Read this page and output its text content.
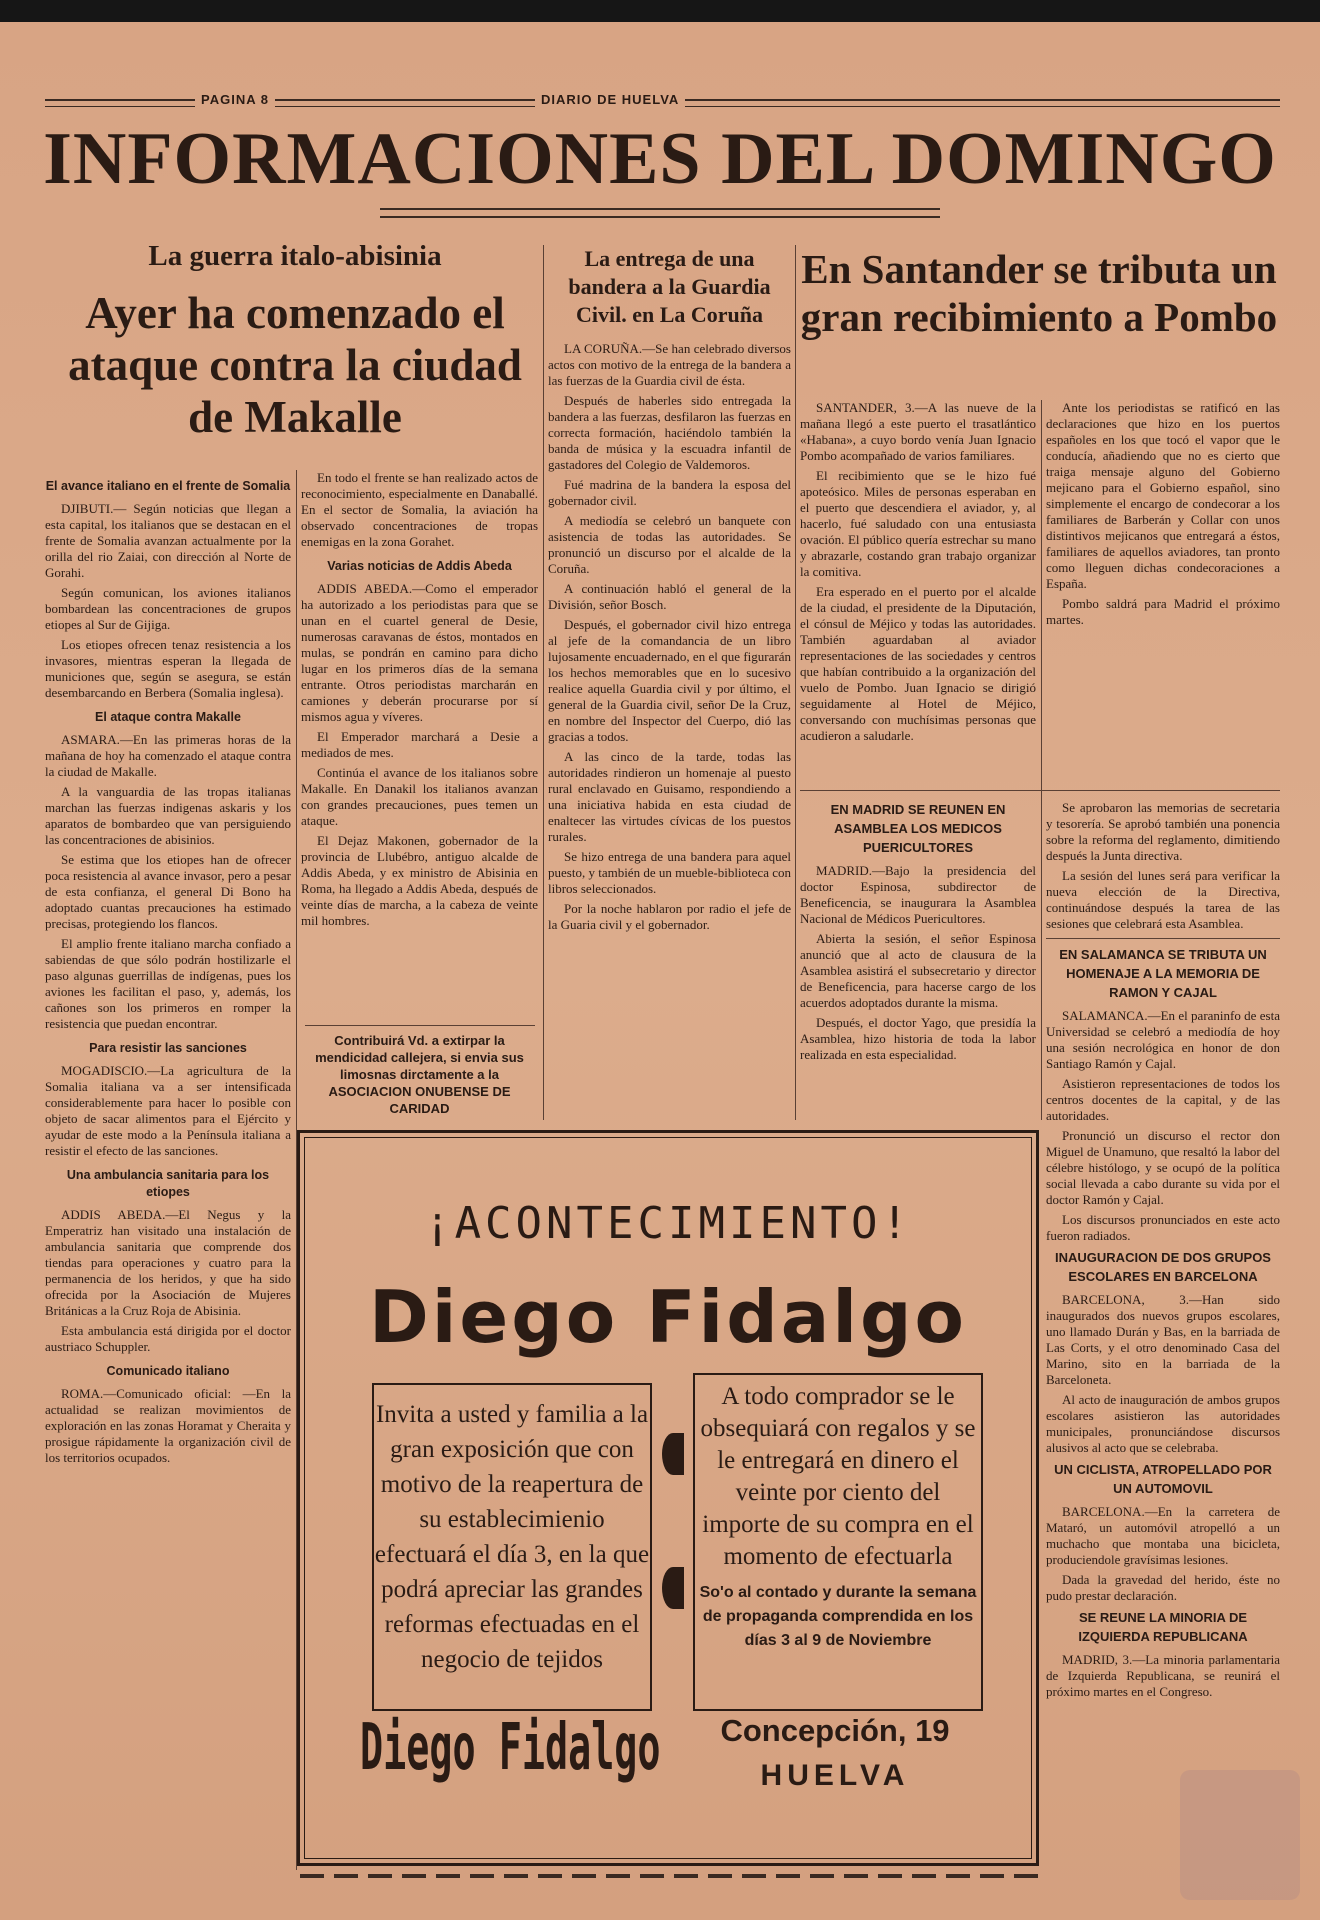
PAGINA 8	DIARIO DE HUELVA
INFORMACIONES DEL DOMINGO
La guerra italo-abisinia
Ayer ha comenzado el ataque contra la ciudad de Makalle
El avance italiano en el frente de Somalia

DJIBUTI.— Según noticias que llegan a esta capital, los italianos que se destacan en el frente de Somalia avanzan actualmente por la orilla del rio Zaiai, con dirección al Norte de Gorahi.

Según comunican, los aviones italianos bombardean las concentraciones de grupos etiopes al Sur de Gijiga.

Los etiopes ofrecen tenaz resistencia a los invasores, mientras esperan la llegada de municiones que, según se asegura, se están desembarcando en Berbera (Somalia inglesa).

El ataque contra Makalle

ASMARA.—En las primeras horas de la mañana de hoy ha comenzado el ataque contra la ciudad de Makalle.

A la vanguardia de las tropas italianas marchan las fuerzas indigenas askaris y los aparatos de bombardeo que van persiguiendo las concentraciones de abisinios.

Se estima que los etiopes han de ofrecer poca resistencia al avance invasor, pero a pesar de esta confianza, el general Di Bono ha adoptado cuantas precauciones ha estimado precisas, protegiendo los flancos.

El amplio frente italiano marcha confiado a sabiendas de que sólo podrán hostilizarle el paso algunas guerrillas de indígenas, pues los aviones les facilitan el paso, y, además, los cañones son los primeros en romper la resistencia que puedan encontrar.

Para resistir las sanciones

MOGADISCIO.—La agricultura de la Somalia italiana va a ser intensificada considerablemente para hacer lo posible con objeto de sacar alimentos para el Ejército y ayudar de este modo a la Península italiana a resistir el efecto de las sanciones.

Una ambulancia sanitaria para los etiopes

ADDIS ABEDA.—El Negus y la Emperatriz han visitado una instalación de ambulancia sanitaria que comprende dos tiendas para operaciones y cuatro para la permanencia de los heridos, y que ha sido ofrecida por la Asociación de Mujeres Británicas a la Cruz Roja de Abisinia.

Esta ambulancia está dirigida por el doctor austriaco Schuppler.

Comunicado italiano

ROMA.—Comunicado oficial: —En la actualidad se realizan movimientos de exploración en las zonas Horamat y Cheraita y prosigue rápidamente la organización civil de los territorios ocupados.

En todo el frente se han realizado actos de reconocimiento, especialmente en Danaballé. En el sector de Somalia, la aviación ha observado concentraciones de tropas enemigas en la zona Gorahet.

Varias noticias de Addis Abeda

ADDIS ABEDA.—Como el emperador ha autorizado a los periodistas para que se unan en el cuartel general de Desie, numerosas caravanas de éstos, montados en mulas, se pondrán en camino para dicho lugar en los primeros días de la semana entrante. Otros periodistas marcharán en camiones y deberán procurarse por sí mismos agua y víveres.

El Emperador marchará a Desie a mediados de mes.

Continúa el avance de los italianos sobre Makalle. En Danakil los italianos avanzan con grandes precauciones, pues temen un ataque.

El Dejaz Makonen, gobernador de la provincia de Llubébro, antiguo alcalde de Addis Abeda, y ex ministro de Abisinia en Roma, ha llegado a Addis Abeda, después de veinte días de marcha, a la cabeza de veinte mil hombres.

Contribuirá Vd. a extirpar la mendicidad callejera, si envia sus limosnas dirctamente a la ASOCIACION ONUBENSE DE CARIDAD
La entrega de una bandera a la Guardia Civil. en La Coruña

LA CORUÑA.—Se han celebrado diversos actos con motivo de la entrega de la bandera a las fuerzas de la Guardia civil de ésta.

Después de haberles sido entregada la bandera a las fuerzas, desfilaron las fuerzas en correcta formación, haciéndolo también la banda de música y la escuadra infantil de gastadores del Colegio de Valdemoros.

Fué madrina de la bandera la esposa del gobernador civil.

A mediodía se celebró un banquete con asistencia de todas las autoridades. Se pronunció un discurso por el alcalde de la Coruña.

A continuación habló el general de la División, señor Bosch.

Después, el gobernador civil hizo entrega al jefe de la comandancia de un libro lujosamente encuadernado, en el que figurarán los hechos memorables que en lo sucesivo realice aquella Guardia civil y por último, el general de la Guardia civil, señor De la Cruz, en nombre del Inspector del Cuerpo, dió las gracias a todos.

A las cinco de la tarde, todas las autoridades rindieron un homenaje al puesto rural enclavado en Guisamo, respondiendo a una iniciativa habida en esta ciudad de enaltecer las virtudes cívicas de los puestos rurales.

Se hizo entrega de una bandera para aquel puesto, y también de un mueble-biblioteca con libros seleccionados.

Por la noche hablaron por radio el jefe de la Guaria civil y el gobernador.

En Santander se tributa un gran recibimiento a Pombo

SANTANDER, 3.—A las nueve de la mañana llegó a este puerto el trasatlántico «Habana», a cuyo bordo venía Juan Ignacio Pombo acompañado de varios familiares.

El recibimiento que se le hizo fué apoteósico. Miles de personas esperaban en el puerto que descendiera el aviador, y, al hacerlo, fué saludado con una entusiasta ovación. El público quería estrechar su mano y abrazarle, costando gran trabajo organizar la comitiva.

Era esperado en el puerto por el alcalde de la ciudad, el presidente de la Diputación, el cónsul de Méjico y todas las autoridades. También aguardaban al aviador representaciones de las sociedades y centros que habían contribuido a la organización del vuelo de Pombo. Juan Ignacio se dirigió seguidamente al Hotel de Méjico, conversando con muchísimas personas que acudieron a saludarle.

Ante los periodistas se ratificó en las declaraciones que hizo en los puertos españoles en los que tocó el vapor que le conducía, añadiendo que no es cierto que traiga mensaje alguno del Gobierno mejicano para el Gobierno español, sino simplemente el encargo de condecorar a los familiares de Barberán y Collar con unos distintivos mejicanos que entregará a éstos, familiares de aquellos aviadores, tan pronto como lleguen dichas condecoraciones a España.

Pombo saldrá para Madrid el próximo martes.

EN MADRID SE REUNEN EN ASAMBLEA LOS MEDICOS PUERICULTORES

MADRID.—Bajo la presidencia del doctor Espinosa, subdirector de Beneficencia, se inaugurara la Asamblea Nacional de Médicos Puericultores.

Abierta la sesión, el señor Espinosa anunció que al acto de clausura de la Asamblea asistirá el subsecretario y director de Beneficencia, para hacerse cargo de los acuerdos adoptados durante la misma.

Después, el doctor Yago, que presidía la Asamblea, hizo historia de toda la labor realizada en esta especialidad.

Se aprobaron las memorias de secretaria y tesorería. Se aprobó también una ponencia sobre la reforma del reglamento, dimitiendo después la Junta directiva.

La sesión del lunes será para verificar la nueva elección de la Directiva, continuándose después la tarea de las sesiones que celebrará esta Asamblea.

EN SALAMANCA SE TRIBUTA UN HOMENAJE A LA MEMORIA DE RAMON Y CAJAL

SALAMANCA.—En el paraninfo de esta Universidad se celebró a mediodía de hoy una sesión necrológica en honor de don Santiago Ramón y Cajal.

Asistieron representaciones de todos los centros docentes de la capital, y de las autoridades.

Pronunció un discurso el rector don Miguel de Unamuno, que resaltó la labor del célebre histólogo, y se ocupó de la política social llevada a cabo durante su vida por el doctor Ramón y Cajal.

Los discursos pronunciados en este acto fueron radiados.

INAUGURACION DE DOS GRUPOS ESCOLARES EN BARCELONA

BARCELONA, 3.—Han sido inaugurados dos nuevos grupos escolares, uno llamado Durán y Bas, en la barriada de Las Corts, y el otro denominado Casa del Marino, sito en la barriada de la Barceloneta.

Al acto de inauguración de ambos grupos escolares asistieron las autoridades municipales, pronunciándose discursos alusivos al acto que se celebraba.

UN CICLISTA, ATROPELLADO POR UN AUTOMOVIL

BARCELONA.—En la carretera de Mataró, un automóvil atropelló a un muchacho que montaba una bicicleta, produciendole gravísimas lesiones.

Dada la gravedad del herido, éste no pudo prestar declaración.

SE REUNE LA MINORIA DE IZQUIERDA REPUBLICANA

MADRID, 3.—La minoria parlamentaria de Izquierda Republicana, se reunirá el próximo martes en el Congreso.

¡ACONTECIMIENTO!
Diego Fidalgo
Invita a usted y familia a la gran exposición que con motivo de la reapertura de su establecimienio efectuará el día 3, en la que podrá apreciar las grandes reformas efectuadas en el negocio de tejidos
A todo comprador se le obsequiará con regalos y se le entregará en dinero el veinte por ciento del importe de su compra en el momento de efectuarla
So'o al contado y durante la semana de propaganda comprendida en los días 3 al 9 de Noviembre
Diego Fidalgo	Concepción, 19
HUELVA
